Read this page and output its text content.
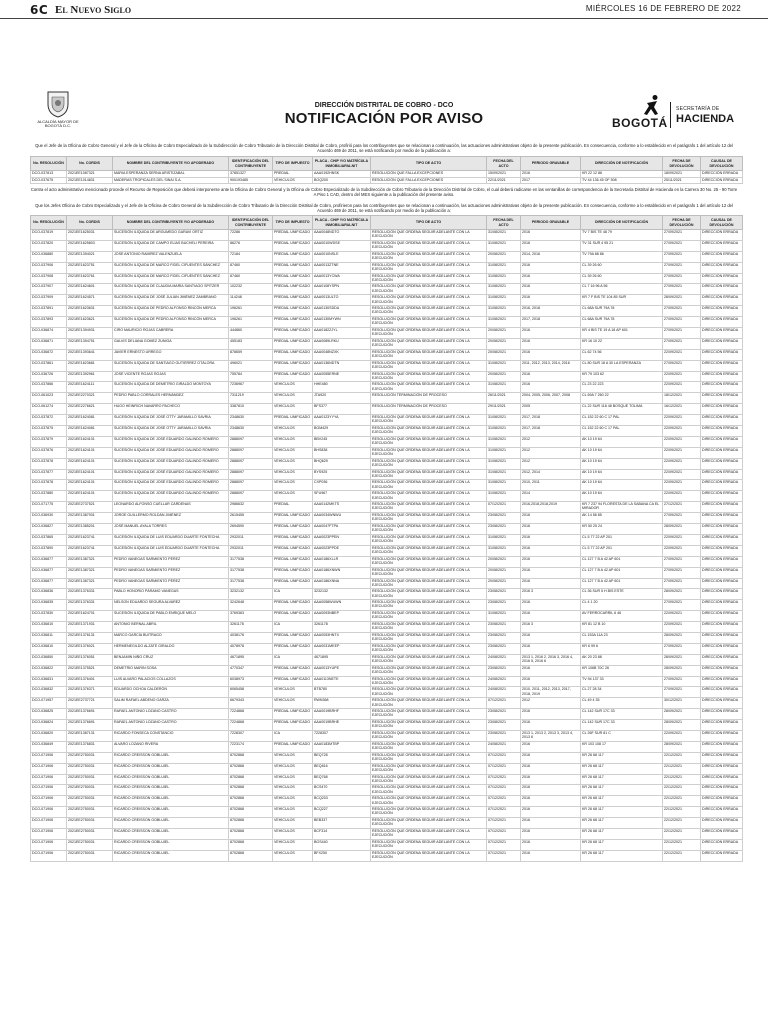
6C El Nuevo Siglo	MIÉRCOLES 16 DE FEBRERO DE 2022
ALCALDÍA MAYOR DE BOGOTÁ D.C.
DIRECCIÓN DISTRITAL DE COBRO - DCO
NOTIFICACIÓN POR AVISO	BOGOTÁ
SECRETARÍA DE
HACIENDA
Que el Jefe de la Oficina de Cobro General y el Jefe de la Oficina de Cobro Especializado de la Subdirección de Cobro Tributario de la Dirección Distrital de Cobro, profirió para los contribuyentes que se relacionan a continuación, las actuaciones administrativas objeto de la presente publicación. En consecuencia, conforme a lo establecido en el parágrafo 1 del artículo 12 del Acuerdo 469 de 2011, se está notificando por medio de la publicación a:
No. RESOLUCIÓN	No. CORDIS	NOMBRE DEL CONTRIBUYENTE Y/O APODERADO	IDENTIFICACIÓN DEL CONTRIBUYENTE	TIPO DE IMPUESTO	PLACA - CHIP Y/O MATRÍCULA INMOBILIARIA-NIT	TIPO DE ACTO	FECHA DEL ACTO	PERIODO GRAVABLE	DIRECCIÓN DE NOTIFICACIÓN	FECHA DE DEVOLUCIÓN	CAUSAL DE DEVOLUCIÓN
DCO-037813	2021EE1087321	MARIA ESPERANZA SERNA ARISTIZABAL	37851327	PREDIAL	AAA0192HNSK	RESOLUCIÓN QUE FALLA EXCEPCIONES	15/09/2021	2016	KR 22 12 86	18/09/2021	DIRECCIÓN ERRADA
DCO-037675	2021EE1014831	MADERAS TROPICALES DEL SINAI S.A.	900193485	VEHICULOS	BOQ200	RESOLUCIÓN QUE FALLA EXCEPCIONES	22/11/2021	2017	TV 44 136 45 OF 508	25/11/2021	DIRECCIÓN ERRADA
Contra el acto administrativo mencionado procede el Recurso de Reposición que deberá interponerse ante la Oficina de Cobro General y la Oficina de Cobro Especializado de la Subdirección de Cobro Tributario de la Dirección Distrital de Cobro, el cual deberá radicarse en las ventanillas de correspondencia de la Secretaría Distrital de Hacienda en la Carrera 30 No. 25 - 90 Torre A Piso 1 CAD, dentro del MES siguiente a la publicación del presente aviso.
Que los Jefes Oficina de Cobro Especializado y el Jefe de la Oficina de Cobro General de la Subdirección de Cobro Tributario de la Dirección Distrital de Cobro, profirieron para los contribuyentes que se relacionan a continuación, las actuaciones administrativas objeto de la presente publicación. En consecuencia, conforme a lo establecido en el parágrafo 1 del artículo 12 del Acuerdo 469 de 2011, se está notificando por medio de la publicación a:
No. RESOLUCIÓN	No. CORDIS	NOMBRE DEL CONTRIBUYENTE Y/O APODERADO	IDENTIFICACIÓN DEL CONTRIBUYENTE	TIPO DE IMPUESTO	PLACA - CHIP Y/O MATRÍCULA INMOBILIARIA-NIT	TIPO DE ACTO	FECHA DEL ACTO	PERIODO GRAVABLE	DIRECCIÓN DE NOTIFICACIÓN	FECHA DE DEVOLUCIÓN	CAUSAL DE DEVOLUCIÓN
DCO-037819	2021EE1625031	SUCESIÓN ILÍQUIDA DE ARGUMEDO GARAVI ORTIZ	72286	PREDIAL UNIFICADO	AAA0048NDTO	RESOLUCIÓN QUE ORDENA SEGUIR ADELANTE CON LA EJECUCIÓN	31/08/2021	2016	TV 7 BIS TE 48 79	27/09/2021	DIRECCIÓN ERRADA
DCO-037820	2021EE1625803	SUCESIÓN ILÍQUIDA DE CAMPO ELÍAS BUCHELI PEREIRA	86276	PREDIAL UNIFICADO	AAA0010WDSE	RESOLUCIÓN QUE ORDENA SEGUIR ADELANTE CON LA EJECUCIÓN	31/08/2021	2016	TV 31 SUR 4 95 21	27/09/2021	DIRECCIÓN ERRADA
DCO-036880	2021EE1394021	JOSÉ ANTONIO RAMÍREZ VALENZUELA	72184	PREDIAL UNIFICADO	AAA0010NSLE	RESOLUCIÓN QUE ORDENA SEGUIR ADELANTE CON LA EJECUCIÓN	20/08/2021	2014, 2016	TV 79A 88 86	27/09/2021	DIRECCIÓN ERRADA
DCO-037906	2021EE1623751	SUCESIÓN ILÍQUIDA DE MARCO FIDEL CIFUENTES SÁNCHEZ	87460	PREDIAL UNIFICADO	AAA0013ZTNE	RESOLUCIÓN QUE ORDENA SEGUIR ADELANTE CON LA EJECUCIÓN	31/08/2021	2016	CL 39 26 60	27/09/2021	DIRECCIÓN ERRADA
DCO-037908	2021EE1623761	SUCESIÓN ILÍQUIDA DE MARCO FIDEL CIFUENTES SÁNCHEZ	87460	PREDIAL UNIFICADO	AAA0013YCWA	RESOLUCIÓN QUE ORDENA SEGUIR ADELANTE CON LA EJECUCIÓN	31/08/2021	2016	CL 39 26 60	27/09/2021	DIRECCIÓN ERRADA
DCO-037907	2021EE1624601	SUCESIÓN ILÍQUIDA DE CLAUDIA MARÍA SANTIAGO SPITZER	102232	PREDIAL UNIFICADO	AAA0108YSPN	RESOLUCIÓN QUE ORDENA SEGUIR ADELANTE CON LA EJECUCIÓN	31/08/2021	2016	CL 7 16 96 A 56	27/09/2021	DIRECCIÓN ERRADA
DCO-037909	2021EE1624571	SUCESIÓN ILÍQUIDA DE JOSÉ JULIÁN JIMÉNEZ ZAMBRANO	114248	PREDIAL UNIFICADO	AAA0013ULTO	RESOLUCIÓN QUE ORDENA SEGUIR ADELANTE CON LA EJECUCIÓN	31/08/2021	2016	KR 7 F BIS TE 104 85 SUR	28/09/2021	DIRECCIÓN ERRADA
DCO-037891	2021EE1623631	SUCESIÓN ILÍQUIDA DE PEDRO ALFONSO RINCÓN MERCA	196261	PREDIAL UNIFICADO	AAA0130SDDA	RESOLUCIÓN QUE ORDENA SEGUIR ADELANTE CON LA EJECUCIÓN	31/08/2021	2016, 2018	CL 68A SUR 79A 78	27/09/2021	DIRECCIÓN ERRADA
DCO-037893	2021EE1623621	SUCESIÓN ILÍQUIDA DE PEDRO ALFONSO RINCÓN MERCA	196261	PREDIAL UNIFICADO	AAA0130MYWN	RESOLUCIÓN QUE ORDENA SEGUIR ADELANTE CON LA EJECUCIÓN	31/08/2021	2017, 2018	CL 68A SUR 79A 78	27/09/2021	DIRECCIÓN ERRADA
DCO-036874	2021EE1394931	CIRO MAURICIO ROJAS CABRERA	444860	PREDIAL UNIFICADO	AAA0182ZJYL	RESOLUCIÓN QUE ORDENA SEGUIR ADELANTE CON LA EJECUCIÓN	20/08/2021	2016	KR 4 BIS TE 19 A 18 AP 601	27/09/2021	DIRECCIÓN ERRADA
DCO-036871	2021EE1394751	GALVIS DELIANA GOMEZ ZUNIGA	455183	PREDIAL UNIFICADO	AAA0089LRKU	RESOLUCIÓN QUE ORDENA SEGUIR ADELANTE CON LA EJECUCIÓN	20/08/2021	2016	KR 16 10 22	27/09/2021	DIRECCIÓN ERRADA
DCO-036872	2021EE1393641	JAVIER ERNESTO URREGO	878659	PREDIAL UNIFICADO	AAA0048NZXK	RESOLUCIÓN QUE ORDENA SEGUIR ADELANTE CON LA EJECUCIÓN	20/08/2021	2016	CL 62 74 56	22/09/2021	DIRECCIÓN ERRADA
DCO-037861	2021EE1623681	SUCESIÓN ILÍQUIDA DE SANTIAGO GUTIÉRREZ OTÁLORA	496021	PREDIAL UNIFICADO	AAA0136NDTN	RESOLUCIÓN QUE ORDENA SEGUIR ADELANTE CON LA EJECUCIÓN	31/08/2021	2011, 2012, 2013, 2014, 2016	CL 80 SUR 18 A 30 LA ESPERANZA	27/09/2021	DIRECCIÓN ERRADA
DCO-036726	2021EE1392961	JOSÉ VICENTE ROJAS ROJAS	755784	PREDIAL UNIFICADO	AAA0055ERNE	RESOLUCIÓN QUE ORDENA SEGUIR ADELANTE CON LA EJECUCIÓN	20/08/2021	2016	KR 79 103 62	22/09/2021	DIRECCIÓN ERRADA
DCO-037866	2021EE1624111	SUCESIÓN ILÍQUIDA DE DEMETRIO GIRALDO MONTOYA	7236967	VEHÍCULOS	HHE480	RESOLUCIÓN QUE ORDENA SEGUIR ADELANTE CON LA EJECUCIÓN	31/08/2021	2016	CL 23 22 223	22/09/2021	DIRECCIÓN ERRADA
DCO-061023	2021EE2270321	PEDRO PABLO CORRALES HERNÁNDEZ	7311219	VEHÍCULOS	JTA920	RESOLUCIÓN TERMINACIÓN DE PROCESO	26/11/2021	2004, 2005, 2006, 2007, 2008	CL 69A 7 260 22	18/12/2021	DIRECCIÓN ERRADA
DCO-061274	2021EE2276621	HUGO HEINRICH NAVARRO PACHECO	3387810	VEHÍCULOS	BFS377	RESOLUCIÓN TERMINACIÓN DE PROCESO	29/11/2021	2005	CL 22 SUR 118 48 BOSQUE TOLIMA	16/12/2021	DIRECCIÓN ERRADA
DCO-037872	2021EE1624081	SUCESIÓN ILÍQUIDA DE JOSÉ OTTY JARAMILLO SAVRIA	2348630	PREDIAL UNIFICADO	AAA0123YYYA	RESOLUCIÓN QUE ORDENA SEGUIR ADELANTE CON LA EJECUCIÓN	31/08/2021	2017, 2018	CL 152 22 60 C 17 PAL	22/09/2021	DIRECCIÓN ERRADA
DCO-037875	2021EE1624081	SUCESIÓN ILÍQUIDA DE JOSÉ OTTY JARAMILLO SAVRIA	2348630	VEHÍCULOS	BOM429	RESOLUCIÓN QUE ORDENA SEGUIR ADELANTE CON LA EJECUCIÓN	31/08/2021	2017, 2018	CL 152 22 60 C 17 PAL	22/09/2021	DIRECCIÓN ERRADA
DCO-037879	2021EE1624101	SUCESIÓN ILÍQUIDA DE JOSÉ EDUARDO GALINDO ROMERO	2888097	VEHÍCULOS	BBV245	RESOLUCIÓN QUE ORDENA SEGUIR ADELANTE CON LA EJECUCIÓN	31/08/2021	2012	AK 10 19 64	22/09/2021	DIRECCIÓN ERRADA
DCO-037876	2021EE1624101	SUCESIÓN ILÍQUIDA DE JOSÉ EDUARDO GALINDO ROMERO	2888097	VEHÍCULOS	BHS838	RESOLUCIÓN QUE ORDENA SEGUIR ADELANTE CON LA EJECUCIÓN	31/08/2021	2012	AK 10 19 64	22/09/2021	DIRECCIÓN ERRADA
DCO-037878	2021EE1624101	SUCESIÓN ILÍQUIDA DE JOSÉ EDUARDO GALINDO ROMERO	2888097	VEHÍCULOS	BHQ629	RESOLUCIÓN QUE ORDENA SEGUIR ADELANTE CON LA EJECUCIÓN	31/08/2021	2012	AK 10 19 64	22/09/2021	DIRECCIÓN ERRADA
DCO-037877	2021EE1624101	SUCESIÓN ILÍQUIDA DE JOSÉ EDUARDO GALINDO ROMERO	2888097	VEHÍCULOS	BYS925	RESOLUCIÓN QUE ORDENA SEGUIR ADELANTE CON LA EJECUCIÓN	31/08/2021	2012, 2014	AK 10 19 64	22/09/2021	DIRECCIÓN ERRADA
DCO-037878	2021EE1624101	SUCESIÓN ILÍQUIDA DE JOSÉ EDUARDO GALINDO ROMERO	2888097	VEHÍCULOS	CXP036	RESOLUCIÓN QUE ORDENA SEGUIR ADELANTE CON LA EJECUCIÓN	31/08/2021	2010, 2011	AK 10 19 64	22/09/2021	DIRECCIÓN ERRADA
DCO-037880	2021EE1624101	SUCESIÓN ILÍQUIDA DE JOSÉ EDUARDO GALINDO ROMERO	2888097	VEHÍCULOS	SFU967	RESOLUCIÓN QUE ORDENA SEGUIR ADELANTE CON LA EJECUCIÓN	31/08/2021	2014	AK 10 19 64	22/09/2021	DIRECCIÓN ERRADA
DCO-071775	2021EE2737521	LEONARDO ALFONSO CUÉLLAR CÁRDENAS	2986632	PREDIAL	AAA0142MKTS	RESOLUCIÓN QUE ORDENA SEGUIR ADELANTE CON LA EJECUCIÓN	07/12/2021	2016,2018,2018,2019	KR 7 237 94 FLORESTA DE LA SABANA CA EL MIRADOR	27/12/2021	DIRECCIÓN ERRADA
DCO-036930	2021EE1387931	JORGE GUILLERMO ROLDÁN JIMÉNEZ	2615455	PREDIAL UNIFICADO	AAA0034WNWU	RESOLUCIÓN QUE ORDENA SEGUIR ADELANTE CON LA EJECUCIÓN	23/08/2021	2016	AK 14 56 85	27/09/2021	DIRECCIÓN ERRADA
DCO-036827	2021EE1385201	JOSÉ MANUEL AYALA TORRES	2694590	PREDIAL UNIFICADO	AAA0047FTPA	RESOLUCIÓN QUE ORDENA SEGUIR ADELANTE CON LA EJECUCIÓN	23/08/2021	2016	KR 50 25 24	28/09/2021	DIRECCIÓN ERRADA
DCO-037865	2021EE1623741	SUCESIÓN ILÍQUIDA DE LUIS EDUARDO DUARTE FONTECHA	2932011	PREDIAL UNIFICADO	AAA0023PPEN	RESOLUCIÓN QUE ORDENA SEGUIR ADELANTE CON LA EJECUCIÓN	31/08/2021	2016	CL 5 77 22 AP 201	22/09/2021	DIRECCIÓN ERRADA
DCO-037890	2021EE1623741	SUCESIÓN ILÍQUIDA DE LUIS EDUARDO DUARTE FONTECHA	2932011	PREDIAL UNIFICADO	AAA0023PPDE	RESOLUCIÓN QUE ORDENA SEGUIR ADELANTE CON LA EJECUCIÓN	31/08/2021	2016	CL 5 77 22 AP 201	22/09/2021	DIRECCIÓN ERRADA
DCO-036877	2021EE1387321	PEDRO VANEGAS SARMIENTO PÉREZ	3177538	PREDIAL UNIFICADO	AAA0186XLLR	RESOLUCIÓN QUE ORDENA SEGUIR ADELANTE CON LA EJECUCIÓN	20/08/2021	2016	CL 127 7 B A 42 AP 601	27/09/2021	DIRECCIÓN ERRADA
DCO-036877	2021EE1387321	PEDRO VANEGAS SARMIENTO PÉREZ	3177538	PREDIAL UNIFICADO	AAA0186XNWN	RESOLUCIÓN QUE ORDENA SEGUIR ADELANTE CON LA EJECUCIÓN	20/08/2021	2016	CL 127 7 B A 42 AP 601	27/09/2021	DIRECCIÓN ERRADA
DCO-036877	2021EE1387321	PEDRO VANEGAS SARMIENTO PÉREZ	3177538	PREDIAL UNIFICADO	AAA0186XNNA	RESOLUCIÓN QUE ORDENA SEGUIR ADELANTE CON LA EJECUCIÓN	20/08/2021	2016	CL 127 7 B A 42 AP 601	27/09/2021	DIRECCIÓN ERRADA
DCO-036836	2021EE1376331	PABLO HONORIO PÁRAMO VANEGAS	3232132	ICA	3232132	RESOLUCIÓN QUE ORDENA SEGUIR ADELANTE CON LA EJECUCIÓN	23/08/2021	2016 3	CL 36 SUR 5 H BIS ESTE	28/09/2021	DIRECCIÓN ERRADA
DCO-036835	2021EE1376331	NELSON EDUARDO SEGURA ALVAREZ	3242648	PREDIAL UNIFICADO	AAA0058WUWN	RESOLUCIÓN QUE ORDENA SEGUIR ADELANTE CON LA EJECUCIÓN	23/08/2021	2016	CL 4 1 20	27/09/2021	DIRECCIÓN ERRADA
DCO-037830	2021EE1624701	SUCESIÓN ILÍQUIDA DE PABLO ENRIQUE MELO	3769363	PREDIAL UNIFICADO	AAA0093NBEP	RESOLUCIÓN QUE ORDENA SEGUIR ADELANTE CON LA EJECUCIÓN	31/08/2021	2016	AV FERROCARRIL 6 46	22/09/2021	DIRECCIÓN ERRADA
DCO-036810	2021EE1371931	ANTONIO BERNAL ABRIL	3261178	ICA	3261178	RESOLUCIÓN QUE ORDENA SEGUIR ADELANTE CON LA EJECUCIÓN	23/08/2021	2016 3	KR 81 12 B 10	22/09/2021	DIRECCIÓN ERRADA
DCO-036811	2021EE1376131	MARCO GARCÍA BUITRAGO	4038176	PREDIAL UNIFICADO	AAA0053HNTX	RESOLUCIÓN QUE ORDENA SEGUIR ADELANTE CON LA EJECUCIÓN	23/08/2021	2016	CL 153A 11A 23	28/09/2021	DIRECCIÓN ERRADA
DCO-036810	2021EE1376021	HERMENEGILDO ALZATE GIRALDO	4078978	PREDIAL UNIFICADO	AAA0031MEEP	RESOLUCIÓN QUE ORDENA SEGUIR ADELANTE CON LA EJECUCIÓN	23/08/2021	2016	KR 6 99 6	27/09/2021	DIRECCIÓN ERRADA
DCO-036850	2021EE1376051	BENJAMÍN NIÑO CRUZ	4671895	ICA	4671895	RESOLUCIÓN QUE ORDENA SEGUIR ADELANTE CON LA EJECUCIÓN	24/08/2021	2013 1, 2016 2, 2016 3, 2016 4, 2016 5, 2016 6	AK 20 23 88	28/09/2021	DIRECCIÓN ERRADA
DCO-036822	2021EE1375521	DEMETRIO MARIN SOSA	4770347	PREDIAL UNIFICADO	AAA0013YUPE	RESOLUCIÓN QUE ORDENA SEGUIR ADELANTE CON LA EJECUCIÓN	23/08/2021	2016	KR 106B 70C 26	28/09/2021	DIRECCIÓN ERRADA
DCO-036831	2021EE1376401	LUIS ALVARO PALACIOS COLLAZOS	6038973	PREDIAL UNIFICADO	AAA0113NETE	RESOLUCIÓN QUE ORDENA SEGUIR ADELANTE CON LA EJECUCIÓN	24/08/2021	2016	TV 94 137 33	27/09/2021	DIRECCIÓN ERRADA
DCO-036832	2021EE1376371	EDUARDO OCHOA CALDERÓN	6065458	VEHÍCULOS	BTB780	RESOLUCIÓN QUE ORDENA SEGUIR ADELANTE CON LA EJECUCIÓN	24/08/2021	2010, 2011, 2012, 2013, 2017, 2018, 2019	CL 27 28 34	27/09/2021	DIRECCIÓN ERRADA
DCO-071957	2021EE2737721	SALIM RAFAEL ABDENO GARZA	6679343	VEHÍCULOS	RWN368	RESOLUCIÓN QUE ORDENA SEGUIR ADELANTE CON LA EJECUCIÓN	07/12/2021	2012	CL 49 4 35	30/12/2021	DIRECCIÓN ERRADA
DCO-036825	2021EE1376691	RAFAEL ANTONIO LOZANO CASTRO	7224868	PREDIAL UNIFICADO	AAA0019BRHF	RESOLUCIÓN QUE ORDENA SEGUIR ADELANTE CON LA EJECUCIÓN	23/08/2021	2016	CL 142 SUR 17C 33	28/09/2021	DIRECCIÓN ERRADA
DCO-036824	2021EE1376691	RAFAEL ANTONIO LOZANO CASTRO	7224868	PREDIAL UNIFICADO	AAA0019BRHE	RESOLUCIÓN QUE ORDENA SEGUIR ADELANTE CON LA EJECUCIÓN	23/08/2021	2016	CL 142 SUR 17C 33	28/09/2021	DIRECCIÓN ERRADA
DCO-036820	2021EE1387131	RICARDO FONSECA CONSTANCIO	7228307	ICA	7228307	RESOLUCIÓN QUE ORDENA SEGUIR ADELANTE CON LA EJECUCIÓN	23/08/2021	2013 1, 2013 2, 2013 3, 2013 4, 2013 6	CL 26F SUR 81 C	22/09/2021	DIRECCIÓN ERRADA
DCO-036849	2021EE1376831	ALVARO LOZANO RIVERA	7223174	PREDIAL UNIFICADO	AAA0183MTBP	RESOLUCIÓN QUE ORDENA SEGUIR ADELANTE CON LA EJECUCIÓN	24/08/2021	2016	KR 103 108 17	28/09/2021	DIRECCIÓN ERRADA
DCO-071906	2021EE2750031	RICARDO CREISSON GOBLUIEL	8702868	VEHÍCULOS	BEQ728	RESOLUCIÓN QUE ORDENA SEGUIR ADELANTE CON LA EJECUCIÓN	07/12/2021	2016	KR 26 68 117	22/12/2021	DIRECCIÓN ERRADA
DCO-071906	2021EE2750031	RICARDO CREISSON GOBLUIEL	8702868	VEHÍCULOS	BEQ816	RESOLUCIÓN QUE ORDENA SEGUIR ADELANTE CON LA EJECUCIÓN	07/12/2021	2016	KR 26 68 117	22/12/2021	DIRECCIÓN ERRADA
DCO-071906	2021EE2750031	RICARDO CREISSON GOBLUIEL	8702868	VEHÍCULOS	BEQ768	RESOLUCIÓN QUE ORDENA SEGUIR ADELANTE CON LA EJECUCIÓN	07/12/2021	2016	KR 26 68 117	22/12/2021	DIRECCIÓN ERRADA
DCO-071906	2021EE2750031	RICARDO CREISSON GOBLUIEL	8702868	VEHÍCULOS	BCS470	RESOLUCIÓN QUE ORDENA SEGUIR ADELANTE CON LA EJECUCIÓN	07/12/2021	2016	KR 26 68 117	22/12/2021	DIRECCIÓN ERRADA
DCO-071906	2021EE2750031	RICARDO CREISSON GOBLUIEL	8702868	VEHÍCULOS	BCQ203	RESOLUCIÓN QUE ORDENA SEGUIR ADELANTE CON LA EJECUCIÓN	07/12/2021	2016	KR 26 68 117	22/12/2021	DIRECCIÓN ERRADA
DCO-071906	2021EE2750031	RICARDO CREISSON GOBLUIEL	8702868	VEHÍCULOS	BCQ227	RESOLUCIÓN QUE ORDENA SEGUIR ADELANTE CON LA EJECUCIÓN	07/12/2021	2016	KR 26 68 117	22/12/2021	DIRECCIÓN ERRADA
DCO-071906	2021EE2750031	RICARDO CREISSON GOBLUIEL	8702868	VEHÍCULOS	BEB337	RESOLUCIÓN QUE ORDENA SEGUIR ADELANTE CON LA EJECUCIÓN	07/12/2021	2016	KR 26 68 117	22/12/2021	DIRECCIÓN ERRADA
DCO-071906	2021EE2750031	RICARDO CREISSON GOBLUIEL	8702868	VEHÍCULOS	BCF314	RESOLUCIÓN QUE ORDENA SEGUIR ADELANTE CON LA EJECUCIÓN	07/12/2021	2016	KR 26 68 117	22/12/2021	DIRECCIÓN ERRADA
DCO-071906	2021EE2750031	RICARDO CREISSON GOBLUIEL	8702868	VEHÍCULOS	BGS440	RESOLUCIÓN QUE ORDENA SEGUIR ADELANTE CON LA EJECUCIÓN	07/12/2021	2016	KR 26 68 117	22/12/2021	DIRECCIÓN ERRADA
DCO-071906	2021EE2750031	RICARDO CREISSON GOBLUIEL	8702868	VEHÍCULOS	BFX250	RESOLUCIÓN QUE ORDENA SEGUIR ADELANTE CON LA EJECUCIÓN	07/12/2021	2016	KR 26 68 117	22/12/2021	DIRECCIÓN ERRADA
